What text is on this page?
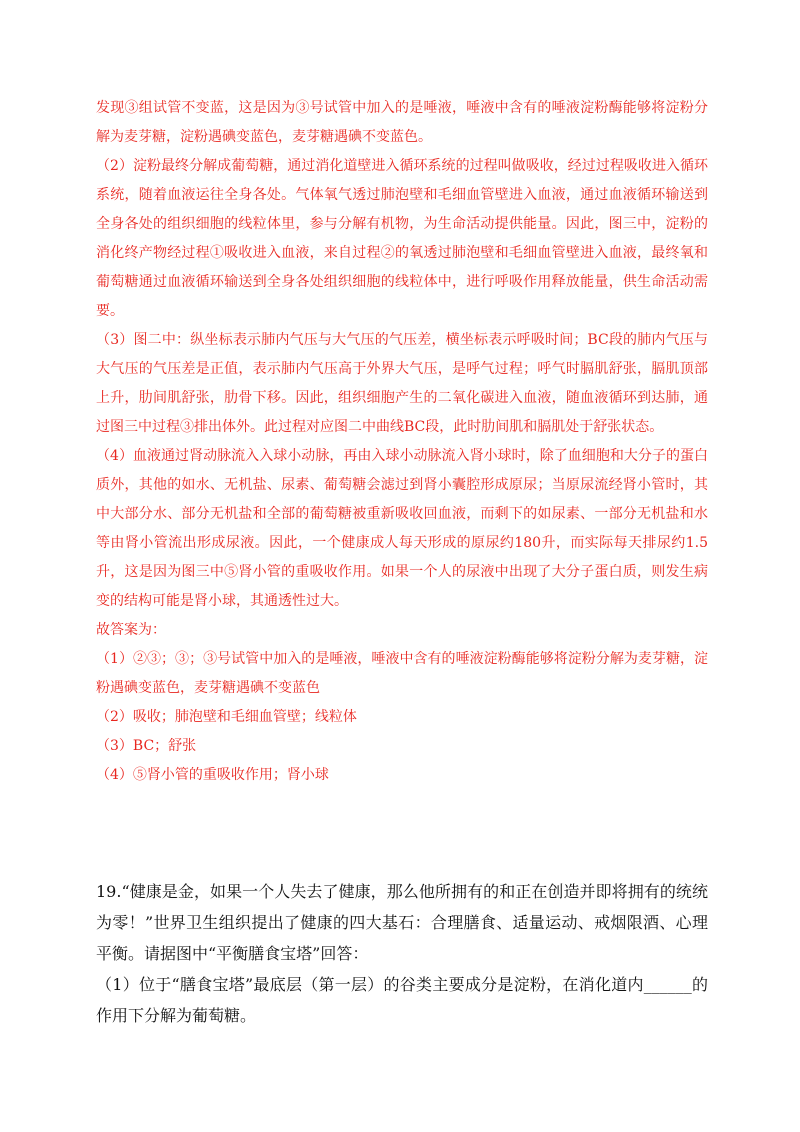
发现③组试管不变蓝，这是因为③号试管中加入的是唾液，唾液中含有的唾液淀粉酶能够将淀粉分解为麦芽糖，淀粉遇碘变蓝色，麦芽糖遇碘不变蓝色。

（2）淀粉最终分解成葡萄糖，通过消化道壁进入循环系统的过程叫做吸收，经过过程吸收进入循环系统，随着血液运往全身各处。气体氧气透过肺泡壁和毛细血管壁进入血液，通过血液循环输送到全身各处的组织细胞的线粒体里，参与分解有机物，为生命活动提供能量。因此，图三中，淀粉的消化终产物经过程①吸收进入血液，来自过程②的氧透过肺泡壁和毛细血管壁进入血液，最终氧和葡萄糖通过血液循环输送到全身各处组织细胞的线粒体中，进行呼吸作用释放能量，供生命活动需要。

（3）图二中：纵坐标表示肺内气压与大气压的气压差，横坐标表示呼吸时间；BC段的肺内气压与大气压的气压差是正值，表示肺内气压高于外界大气压，是呼气过程；呼气时膈肌舒张，膈肌顶部上升，肋间肌舒张，肋骨下移。因此，组织细胞产生的二氧化碳进入血液，随血液循环到达肺，通过图三中过程③排出体外。此过程对应图二中曲线BC段，此时肋间肌和膈肌处于舒张状态。

（4）血液通过肾动脉流入入球小动脉，再由入球小动脉流入肾小球时，除了血细胞和大分子的蛋白质外，其他的如水、无机盐、尿素、葡萄糖会滤过到肾小囊腔形成原尿；当原尿流经肾小管时，其中大部分水、部分无机盐和全部的葡萄糖被重新吸收回血液，而剩下的如尿素、一部分无机盐和水等由肾小管流出形成尿液。因此，一个健康成人每天形成的原尿约180升，而实际每天排尿约1.5升，这是因为图三中⑤肾小管的重吸收作用。如果一个人的尿液中出现了大分子蛋白质，则发生病变的结构可能是肾小球，其通透性过大。

故答案为：

（1）②③；③；③号试管中加入的是唾液，唾液中含有的唾液淀粉酶能够将淀粉分解为麦芽糖，淀粉遇碘变蓝色，麦芽糖遇碘不变蓝色

（2）吸收；肺泡壁和毛细血管壁；线粒体

（3）BC；舒张

（4）⑤肾小管的重吸收作用；肾小球

19.“健康是金，如果一个人失去了健康，那么他所拥有的和正在创造并即将拥有的统统为零！”世界卫生组织提出了健康的四大基石：合理膳食、适量运动、戒烟限酒、心理平衡。请据图中“平衡膳食宝塔”回答：

（1）位于“膳食宝塔”最底层（第一层）的谷类主要成分是淀粉，在消化道内______的作用下分解为葡萄糖。
